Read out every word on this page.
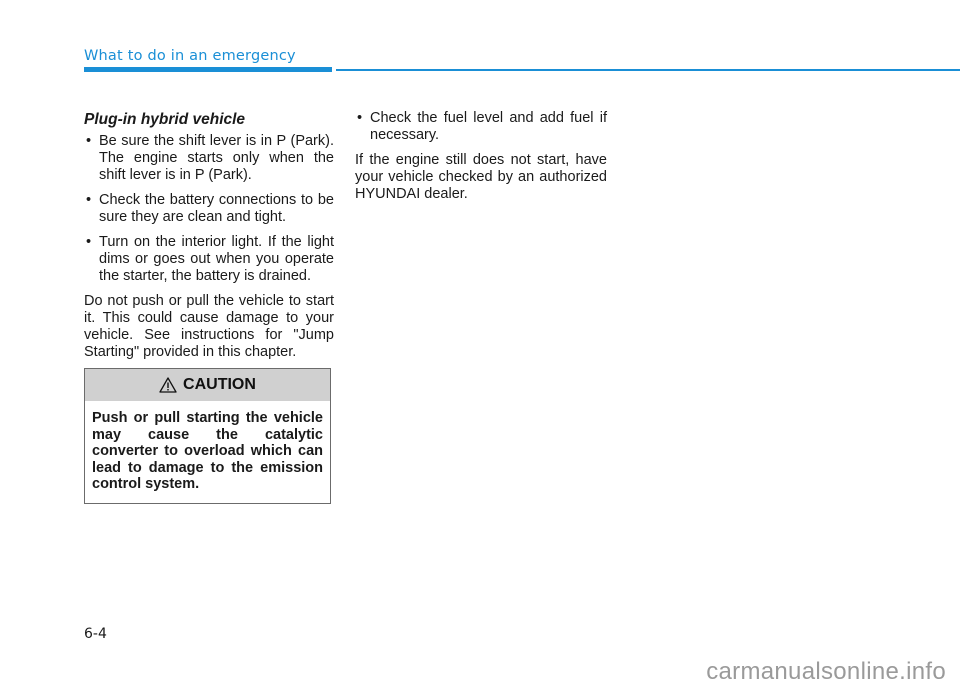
What to do in an emergency
Plug-in hybrid vehicle
• Be sure the shift lever is in P (Park). The engine starts only when the shift lever is in P (Park).
• Check the battery connections to be sure they are clean and tight.
• Turn on the interior light. If the light dims or goes out when you operate the starter, the battery is drained.

Do not push or pull the vehicle to start it. This could cause damage to your vehicle. See instructions for "Jump Starting" provided in this chapter.

CAUTION
Push or pull starting the vehicle may cause the catalytic converter to overload which can lead to damage to the emission control system.
• Check the fuel level and add fuel if necessary.

If the engine still does not start, have your vehicle checked by an authorized HYUNDAI dealer.

6-4
carmanualsonline.info
